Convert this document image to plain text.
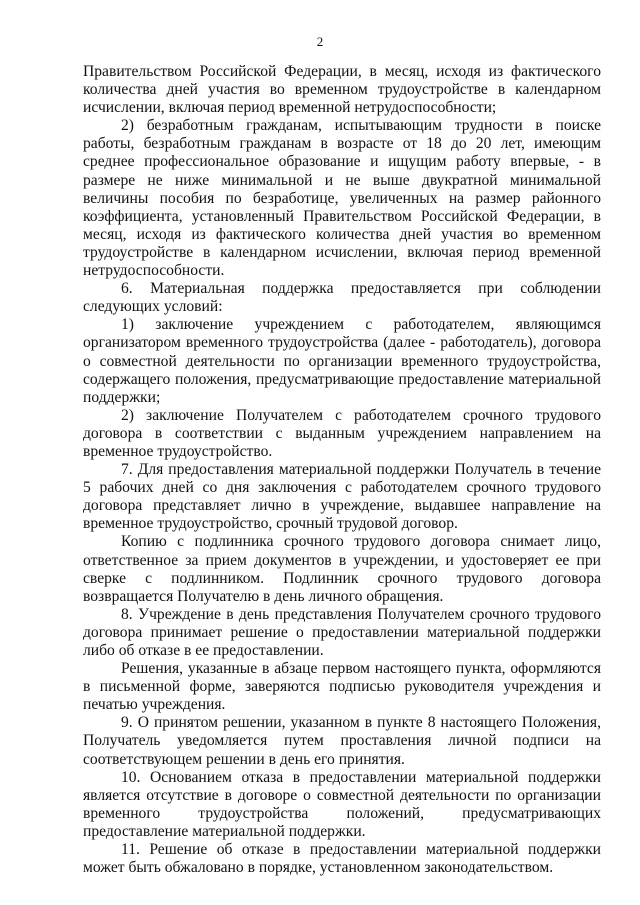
2

Правительством Российской Федерации, в месяц, исходя из фактического количества дней участия во временном трудоустройстве в календарном исчислении, включая период временной нетрудоспособности;

2) безработным гражданам, испытывающим трудности в поиске работы, безработным гражданам в возрасте от 18 до 20 лет, имеющим среднее профессиональное образование и ищущим работу впервые, - в размере не ниже минимальной и не выше двукратной минимальной величины пособия по безработице, увеличенных на размер районного коэффициента, установленный Правительством Российской Федерации, в месяц, исходя из фактического количества дней участия во временном трудоустройстве в календарном исчислении, включая период временной нетрудоспособности.

6. Материальная поддержка предоставляется при соблюдении следующих условий:

1) заключение учреждением с работодателем, являющимся организатором временного трудоустройства (далее - работодатель), договора о совместной деятельности по организации временного трудоустройства, содержащего положения, предусматривающие предоставление материальной поддержки;

2) заключение Получателем с работодателем срочного трудового договора в соответствии с выданным учреждением направлением на временное трудоустройство.

7. Для предоставления материальной поддержки Получатель в течение 5 рабочих дней со дня заключения с работодателем срочного трудового договора представляет лично в учреждение, выдавшее направление на временное трудоустройство, срочный трудовой договор.

Копию с подлинника срочного трудового договора снимает лицо, ответственное за прием документов в учреждении, и удостоверяет ее при сверке с подлинником. Подлинник срочного трудового договора возвращается Получателю в день личного обращения.

8. Учреждение в день представления Получателем срочного трудового договора принимает решение о предоставлении материальной поддержки либо об отказе в ее предоставлении.

Решения, указанные в абзаце первом настоящего пункта, оформляются в письменной форме, заверяются подписью руководителя учреждения и печатью учреждения.

9. О принятом решении, указанном в пункте 8 настоящего Положения, Получатель уведомляется путем проставления личной подписи на соответствующем решении в день его принятия.

10. Основанием отказа в предоставлении материальной поддержки является отсутствие в договоре о совместной деятельности по организации временного трудоустройства положений, предусматривающих предоставление материальной поддержки.

11. Решение об отказе в предоставлении материальной поддержки может быть обжаловано в порядке, установленном законодательством.
